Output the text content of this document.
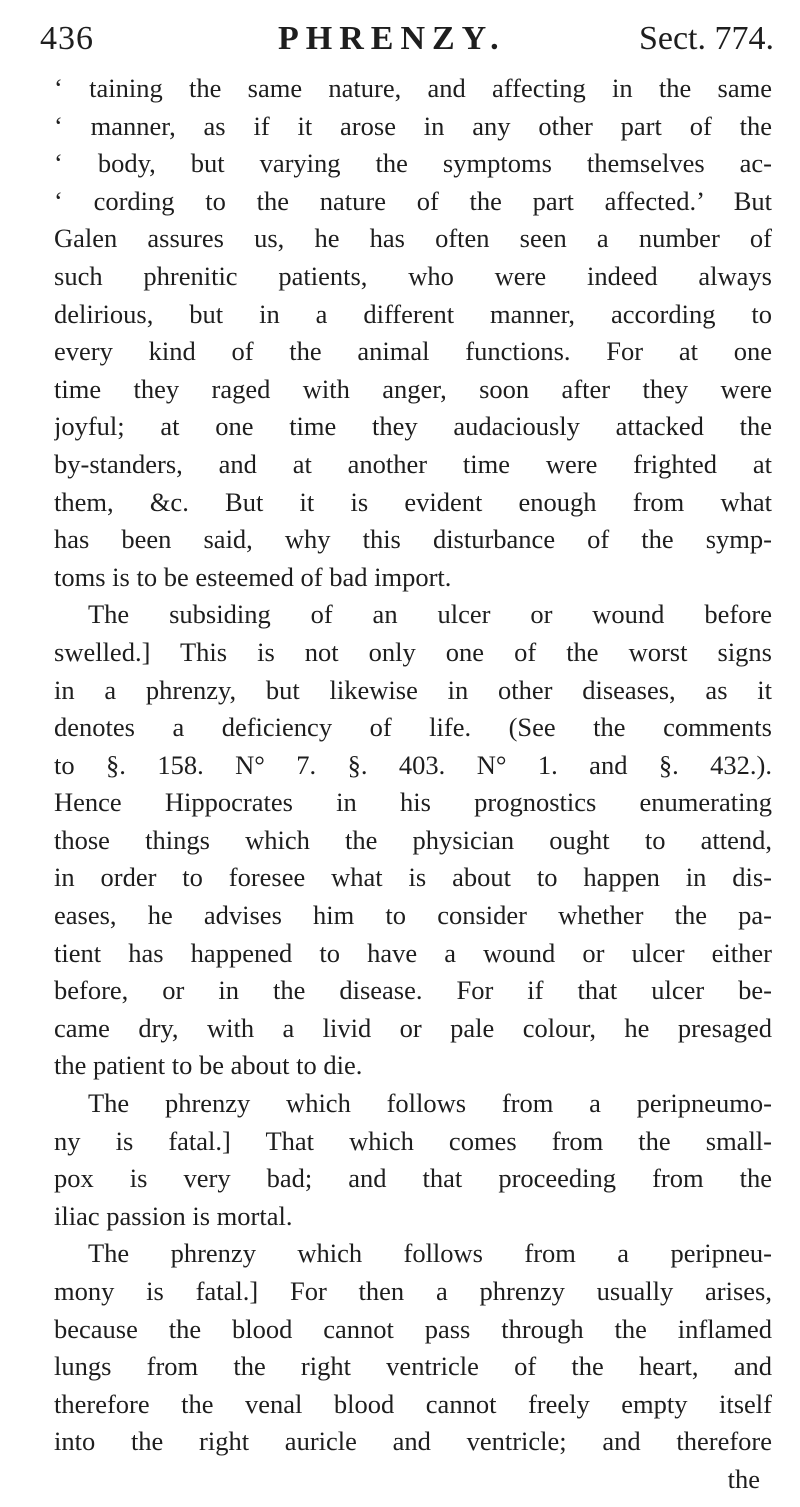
436	PHRENZY.	Sect. 774.
‘ taining the same nature, and affecting in the same
‘ manner, as if it arose in any other part of the
‘ body, but varying the symptoms themselves ac-
‘ cording to the nature of the part affected.’ But
Galen assures us, he has often seen a number of
such phrenitic patients, who were indeed always
delirious, but in a different manner, according to
every kind of the animal functions. For at one
time they raged with anger, soon after they were
joyful; at one time they audaciously attacked the
by-standers, and at another time were frighted at
them, &c. But it is evident enough from what
has been said, why this disturbance of the symp-
toms is to be esteemed of bad import.
The subsiding of an ulcer or wound before
swelled.] This is not only one of the worst signs
in a phrenzy, but likewise in other diseases, as it
denotes a deficiency of life. (See the comments
to §. 158. N° 7. §. 403. N° 1. and §. 432.).
Hence Hippocrates in his prognostics enumerating
those things which the physician ought to attend,
in order to foresee what is about to happen in dis-
eases, he advises him to consider whether the pa-
tient has happened to have a wound or ulcer either
before, or in the disease. For if that ulcer be-
came dry, with a livid or pale colour, he presaged
the patient to be about to die.
The phrenzy which follows from a peripneumo-
ny is fatal.] That which comes from the small-
pox is very bad; and that proceeding from the
iliac passion is mortal.
The phrenzy which follows from a peripneu-
mony is fatal.] For then a phrenzy usually arises,
because the blood cannot pass through the inflamed
lungs from the right ventricle of the heart, and
therefore the venal blood cannot freely empty itself
into the right auricle and ventricle; and therefore
the
